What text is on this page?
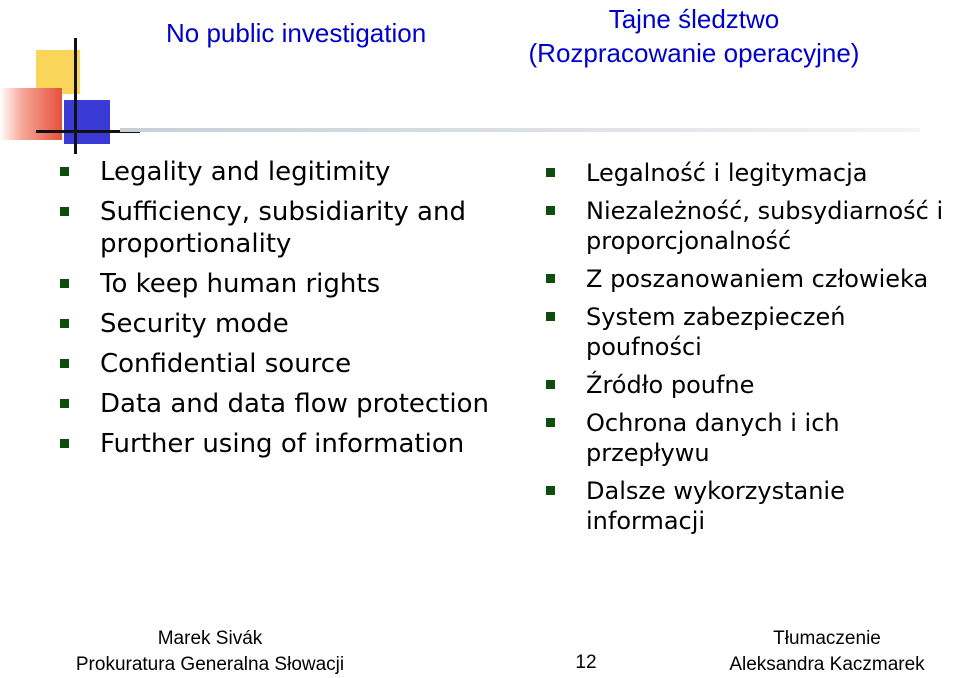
No public investigation	Tajne śledztwo
(Rozpracowanie operacyjne)
Legality and legitimity
Sufficiency, subsidiarity and proportionality
To keep human rights
Security mode
Confidential source
Data and data flow protection
Further using of information
Legalność i legitymacja
Niezależność, subsydiarność i proporcjonalność
Z poszanowaniem człowieka
System zabezpieczeń poufności
Źródło poufne
Ochrona danych i ich przepływu
Dalsze wykorzystanie informacji
Marek Sivák
Prokuratura Generalna Słowacji	12
Tłumaczenie
Aleksandra Kaczmarek
